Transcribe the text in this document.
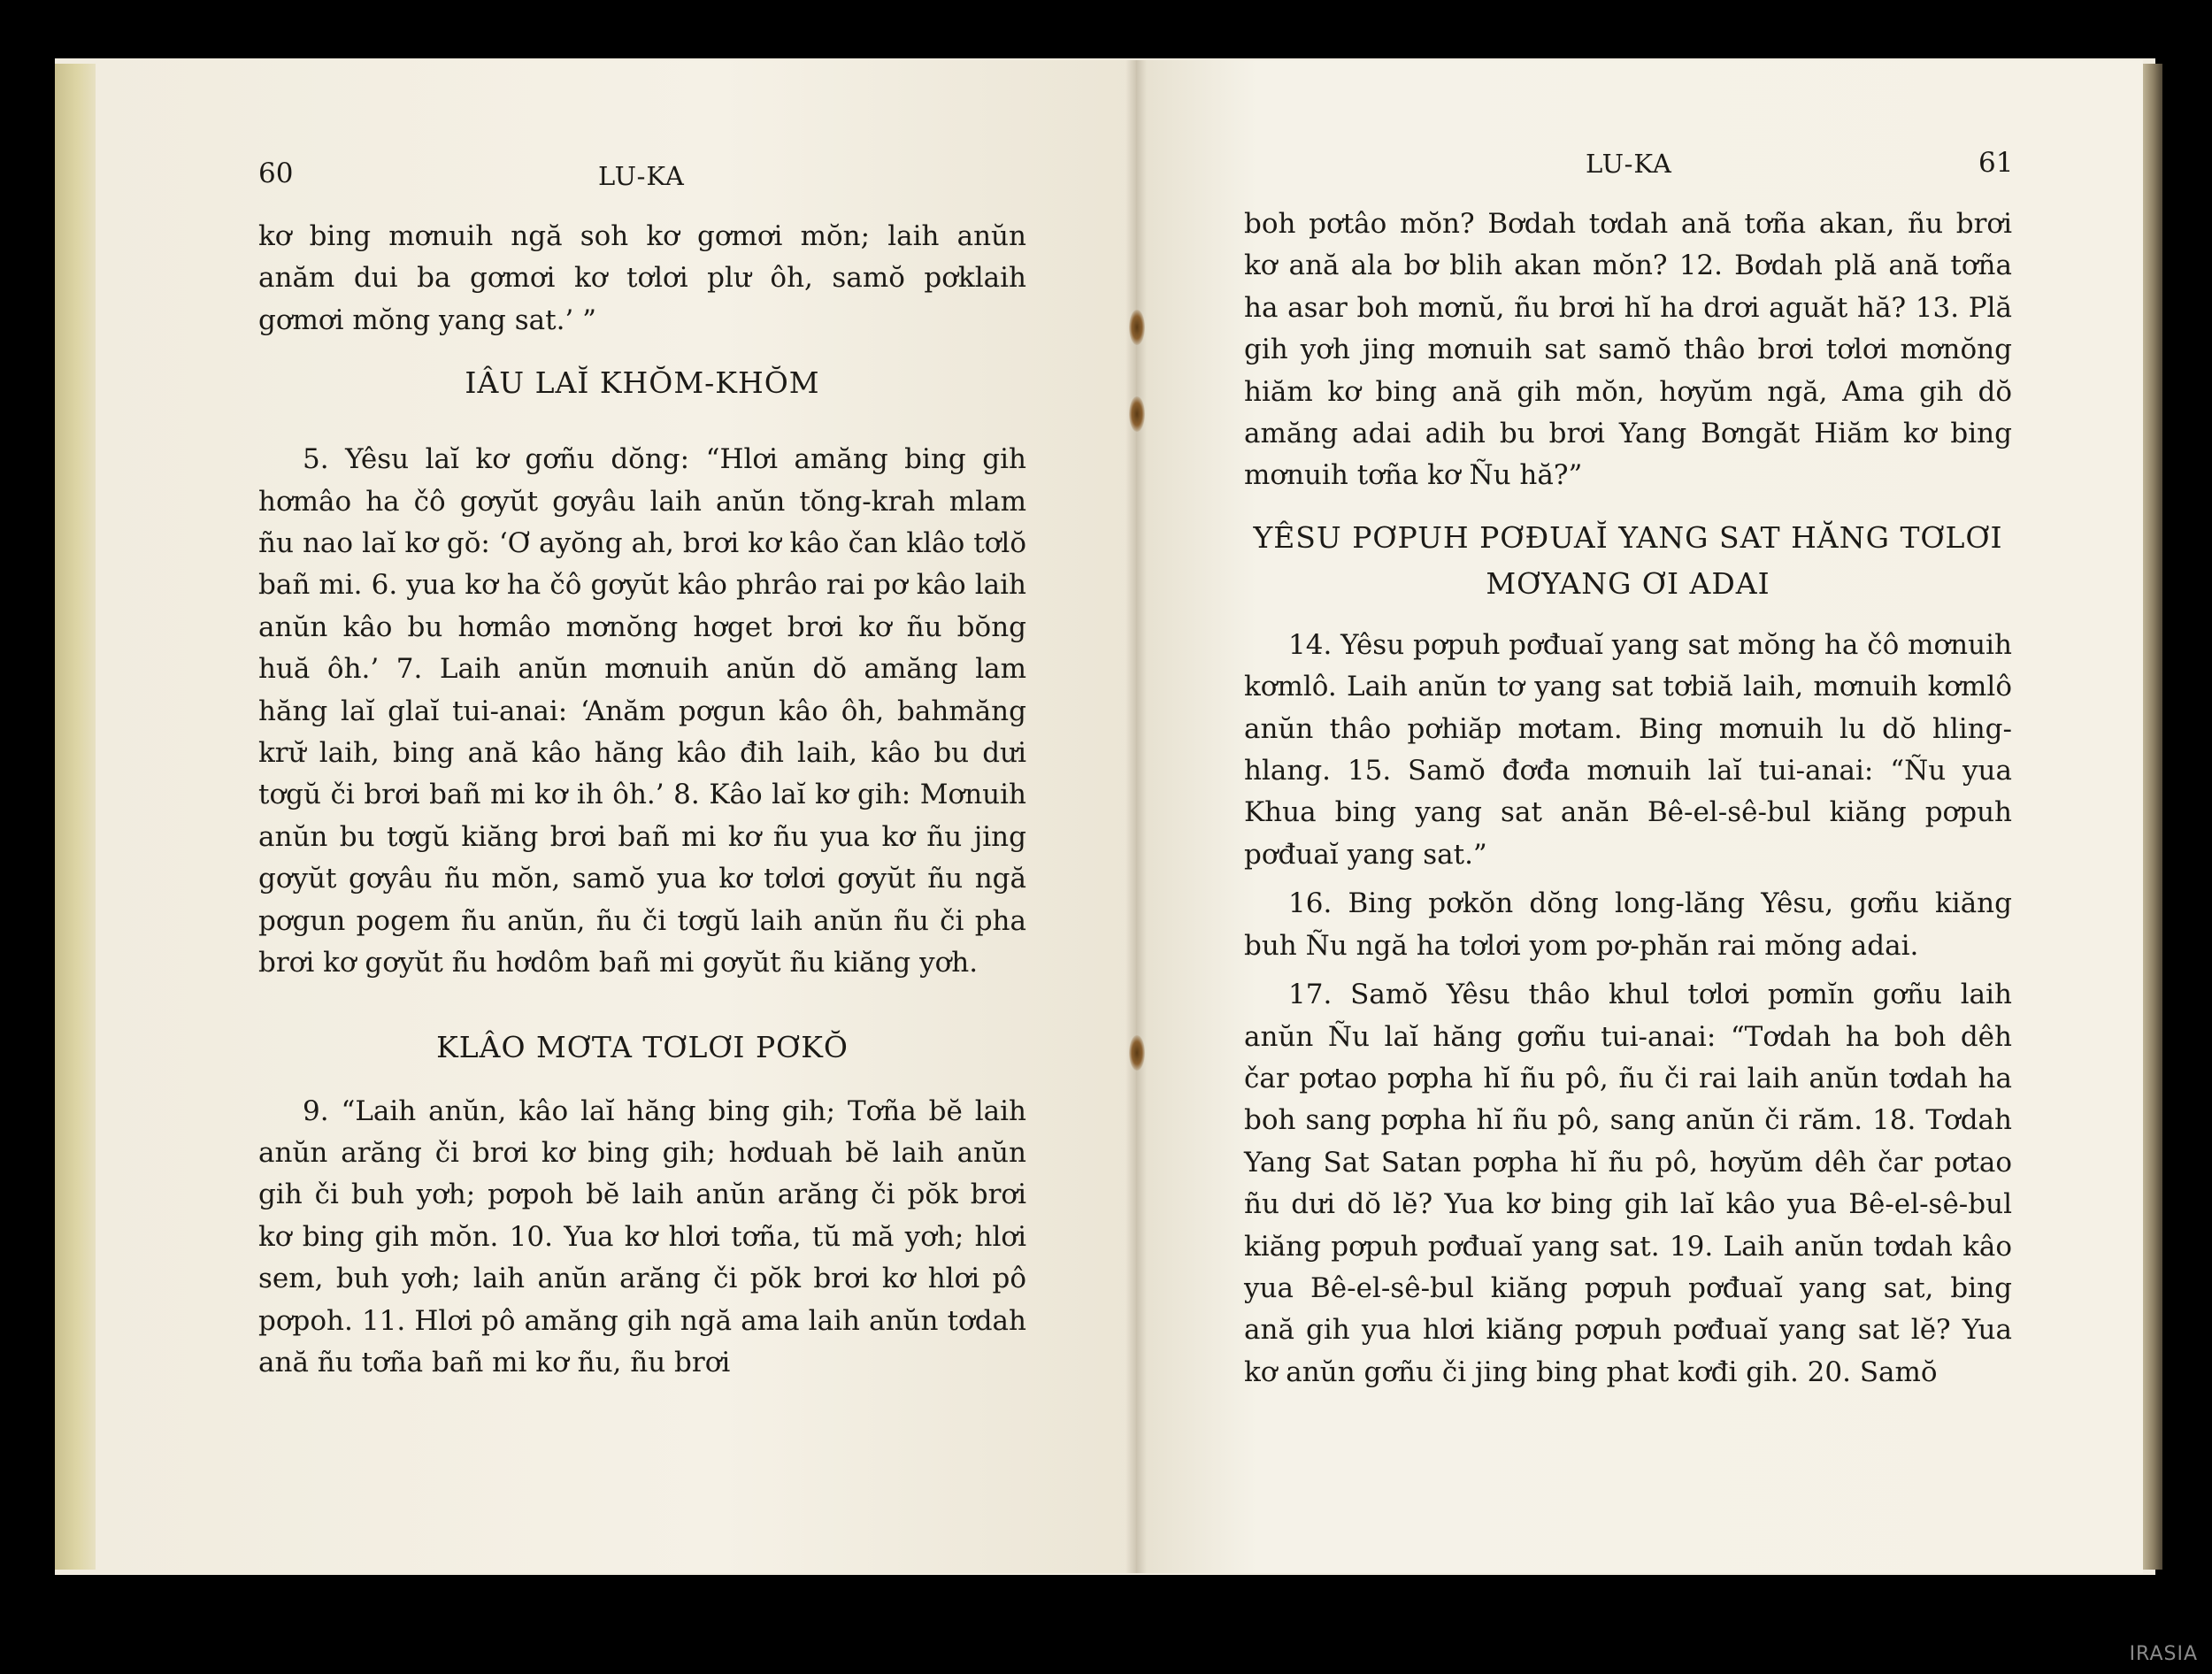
60	LU-KA	LU-KA	61

kơ bing mơnuih ngă soh kơ gơmơi mŏn; laih anŭn anăm dui ba gơmơi kơ tơlơi plư ôh, samŏ pơklaih gơmơi mŏng yang sat.’ ”

IÂU LAĬ KHŎM-KHŎM

5. Yêsu laĭ kơ gơñu dŏng: “Hlơi amăng bing gih hơmâo ha čô gơyŭt gơyâu laih anŭn tŏng-krah mlam ñu nao laĭ kơ gŏ: ‘Ơ ayŏng ah, brơi kơ kâo čan klâo tơlŏ bañ mi. 6. yua kơ ha čô gơyŭt kâo phrâo rai pơ kâo laih anŭn kâo bu hơmâo mơnŏng hơget brơi kơ ñu bŏng huă ôh.’ 7. Laih anŭn mơnuih anŭn dŏ amăng lam hăng laĭ glaĭ tui-anai: ‘Anăm pơgun kâo ôh, bahmăng krư̆ laih, bing ană kâo hăng kâo đih laih, kâo bu dưi tơgŭ či brơi bañ mi kơ ih ôh.’ 8. Kâo laĭ kơ gih: Mơnuih anŭn bu tơgŭ kiăng brơi bañ mi kơ ñu yua kơ ñu jing gơyŭt gơyâu ñu mŏn, samŏ yua kơ tơlơi gơyŭt ñu ngă pơgun pogem ñu anŭn, ñu či tơgŭ laih anŭn ñu či pha brơi kơ gơyŭt ñu hơdôm bañ mi gơyŭt ñu kiăng yơh.

KLÂO MƠTA TƠLƠI PƠKŎ

9. “Laih anŭn, kâo laĭ hăng bing gih; Tơña bĕ laih anŭn arăng či brơi kơ bing gih; hơduah bĕ laih anŭn gih či buh yơh; pơpoh bĕ laih anŭn arăng či pŏk brơi kơ bing gih mŏn. 10. Yua kơ hlơi tơña, tŭ mă yơh; hlơi sem, buh yơh; laih anŭn arăng či pŏk brơi kơ hlơi pô pơpoh. 11. Hlơi pô amăng gih ngă ama laih anŭn tơdah ană ñu tơña bañ mi kơ ñu, ñu brơi

boh pơtâo mŏn? Bơdah tơdah ană tơña akan, ñu brơi kơ ană ala bơ blih akan mŏn? 12. Bơdah plă ană tơña ha asar boh mơnŭ, ñu brơi hĭ ha drơi aguăt hă? 13. Plă gih yơh jing mơnuih sat samŏ thâo brơi tơlơi mơnŏng hiăm kơ bing ană gih mŏn, hơyŭm ngă, Ama gih dŏ amăng adai adih bu brơi Yang Bơngăt Hiăm kơ bing mơnuih tơña kơ Ñu hă?”

YÊSU PƠPUH PƠĐUAĬ YANG SAT HĂNG TƠLƠI MƠYANG ƠI ADAI

14. Yêsu pơpuh pơđuaĭ yang sat mŏng ha čô mơnuih kơmlô. Laih anŭn tơ yang sat tơbiă laih, mơnuih kơmlô anŭn thâo pơhiăp mơtam. Bing mơnuih lu dŏ hling-hlang. 15. Samŏ đơđa mơnuih laĭ tui-anai: “Ñu yua Khua bing yang sat anăn Bê-el-sê-bul kiăng pơpuh pơđuaĭ yang sat.”

16. Bing pơkŏn dŏng long-lăng Yêsu, gơñu kiăng buh Ñu ngă ha tơlơi yom pơ-phăn rai mŏng adai.

17. Samŏ Yêsu thâo khul tơlơi pơmĭn gơñu laih anŭn Ñu laĭ hăng gơñu tui-anai: “Tơdah ha boh dêh čar pơtao pơpha hĭ ñu pô, ñu či rai laih anŭn tơdah ha boh sang pơpha hĭ ñu pô, sang anŭn či răm. 18. Tơdah Yang Sat Satan pơpha hĭ ñu pô, hơyŭm dêh čar pơtao ñu dưi dŏ lĕ? Yua kơ bing gih laĭ kâo yua Bê-el-sê-bul kiăng pơpuh pơđuaĭ yang sat. 19. Laih anŭn tơdah kâo yua Bê-el-sê-bul kiăng pơpuh pơđuaĭ yang sat, bing ană gih yua hlơi kiăng pơpuh pơđuaĭ yang sat lĕ? Yua kơ anŭn gơñu či jing bing phat kơđi gih. 20. Samŏ

IRASIA
